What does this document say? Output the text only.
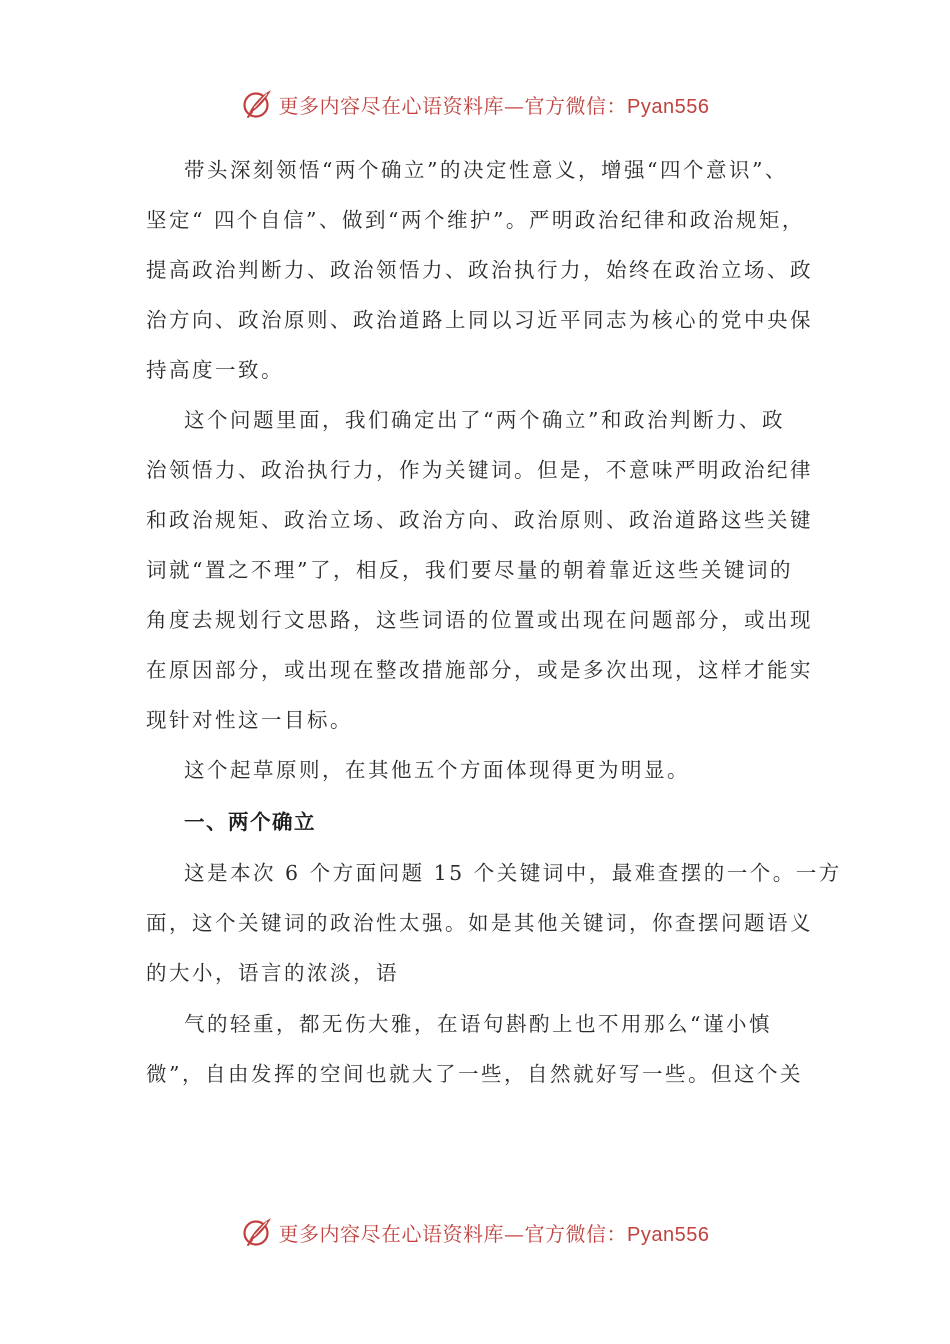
更多内容尽在心语资料库—官方微信：Pyan556
带头深刻领悟“两个确立”的决定性意义，增强“四个意识”、
坚定“ 四个自信”、做到“两个维护”。严明政治纪律和政治规矩，
提高政治判断力、政治领悟力、政治执行力，始终在政治立场、政
治方向、政治原则、政治道路上同以习近平同志为核心的党中央保
持高度一致。
这个问题里面，我们确定出了“两个确立”和政治判断力、政
治领悟力、政治执行力，作为关键词。但是，不意味严明政治纪律
和政治规矩、政治立场、政治方向、政治原则、政治道路这些关键
词就“置之不理”了，相反，我们要尽量的朝着靠近这些关键词的
角度去规划行文思路，这些词语的位置或出现在问题部分，或出现
在原因部分，或出现在整改措施部分，或是多次出现，这样才能实
现针对性这一目标。
这个起草原则，在其他五个方面体现得更为明显。
一、两个确立
这是本次 6 个方面问题 15 个关键词中，最难查摆的一个。一方
面，这个关键词的政治性太强。如是其他关键词，你查摆问题语义
的大小，语言的浓淡，语
气的轻重，都无伤大雅，在语句斟酌上也不用那么“谨小慎
微”，自由发挥的空间也就大了一些，自然就好写一些。但这个关
更多内容尽在心语资料库—官方微信：Pyan556
